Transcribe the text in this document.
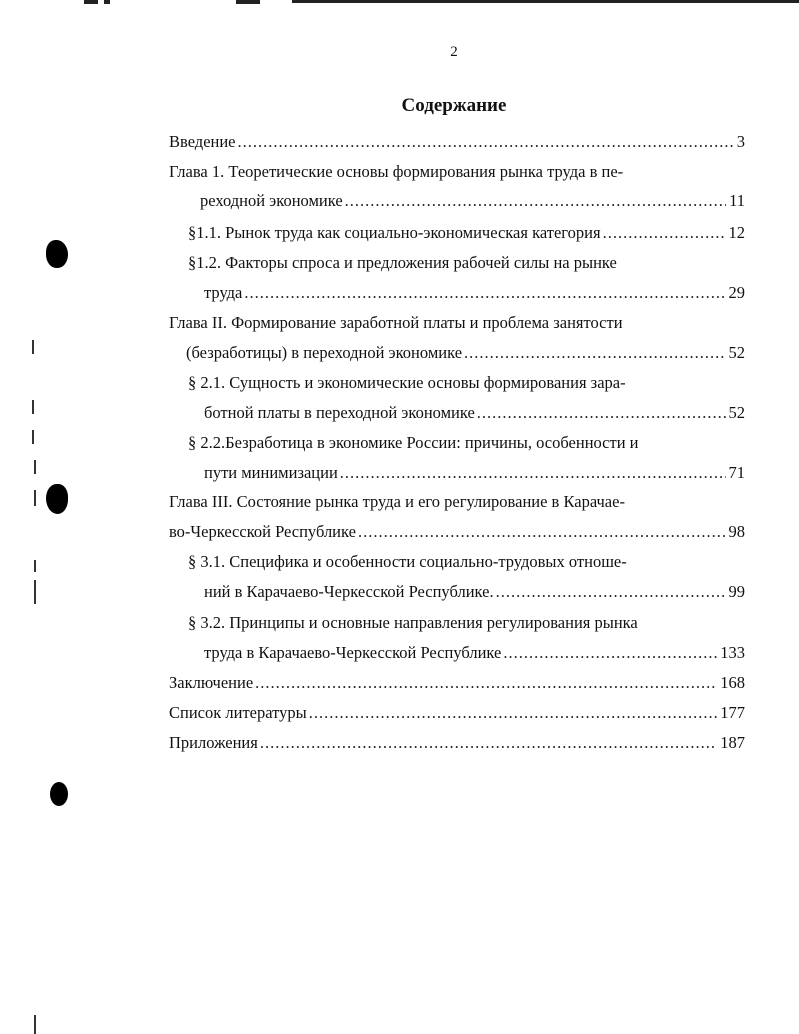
2
Содержание
Введение .....	3
Глава 1. Теоретические основы формирования рынка труда в пе-
реходной экономике .....	11
§1.1. Рынок труда как социально-экономическая категория .....	12
§1.2. Факторы спроса и предложения рабочей силы на рынке
труда .....	29
Глава II. Формирование заработной платы и проблема занятости
(безработицы) в переходной экономике .....	52
§ 2.1. Сущность и экономические основы формирования зара-
ботной платы в переходной экономике .....	52
§ 2.2.Безработица в экономике России: причины, особенности и
пути минимизации .....	71
Глава III. Состояние рынка труда и его регулирование в Карачае-
во-Черкесской Республике .....	98
§ 3.1. Специфика и особенности социально-трудовых отноше-
ний в Карачаево-Черкесской Республике. .....	99
§ 3.2. Принципы и основные направления регулирования рынка
труда в Карачаево-Черкесской Республике .....	133
Заключение .....	168
Список литературы .....	177
Приложения .....	187
